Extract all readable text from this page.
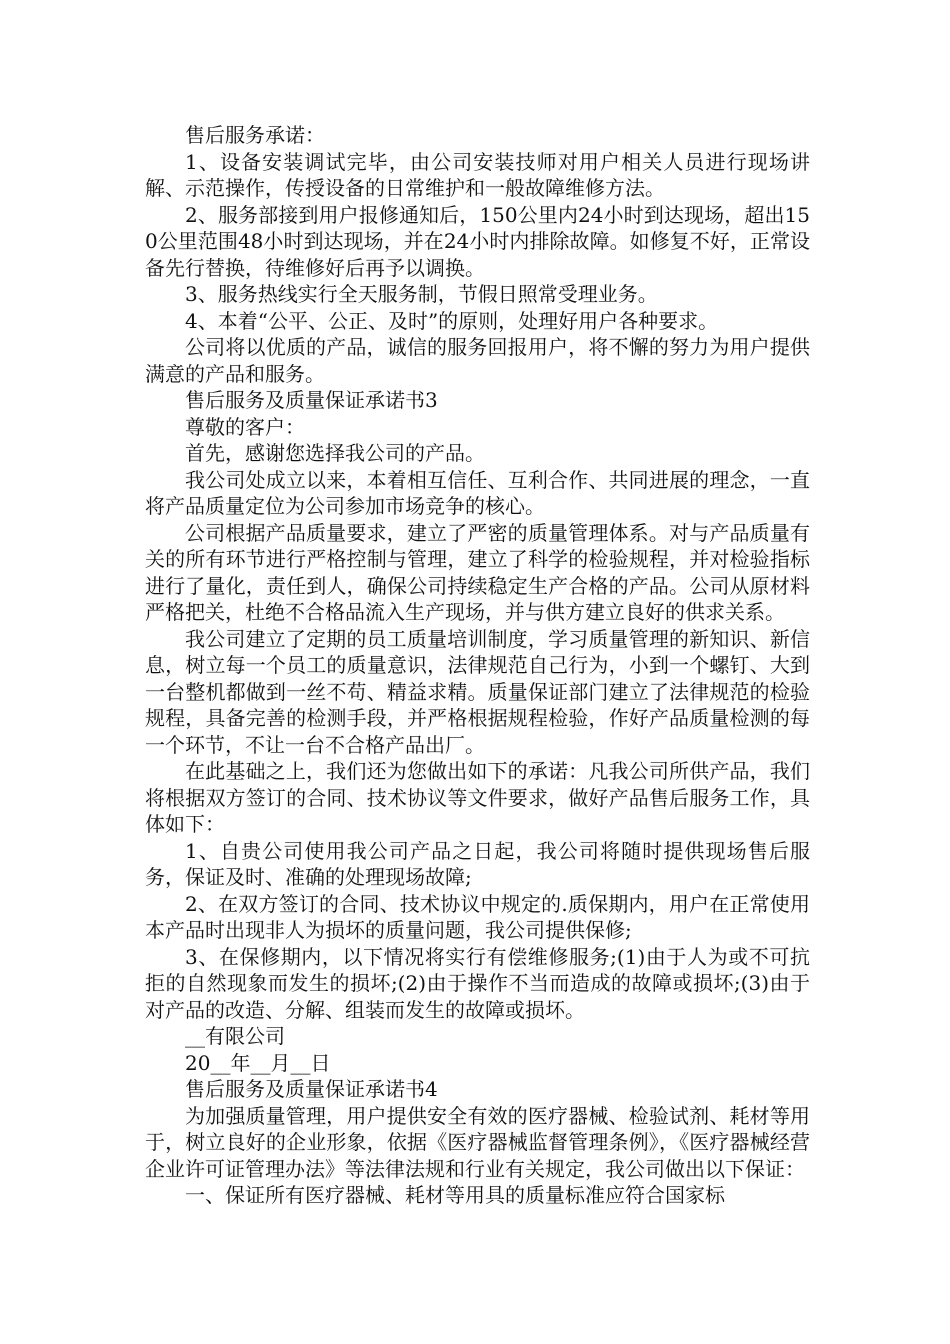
售后服务承诺：

1、设备安装调试完毕，由公司安装技师对用户相关人员进行现场讲解、示范操作，传授设备的日常维护和一般故障维修方法。

2、服务部接到用户报修通知后，150公里内24小时到达现场，超出150公里范围48小时到达现场，并在24小时内排除故障。如修复不好，正常设备先行替换，待维修好后再予以调换。

3、服务热线实行全天服务制，节假日照常受理业务。

4、本着“公平、公正、及时”的原则，处理好用户各种要求。

公司将以优质的产品，诚信的服务回报用户，将不懈的努力为用户提供满意的产品和服务。

售后服务及质量保证承诺书3

尊敬的客户：

首先，感谢您选择我公司的产品。

我公司处成立以来，本着相互信任、互利合作、共同进展的理念，一直将产品质量定位为公司参加市场竞争的核心。

公司根据产品质量要求，建立了严密的质量管理体系。对与产品质量有关的所有环节进行严格控制与管理，建立了科学的检验规程，并对检验指标进行了量化，责任到人，确保公司持续稳定生产合格的产品。公司从原材料严格把关，杜绝不合格品流入生产现场，并与供方建立良好的供求关系。

我公司建立了定期的员工质量培训制度，学习质量管理的新知识、新信息，树立每一个员工的质量意识，法律规范自己行为，小到一个螺钉、大到一台整机都做到一丝不苟、精益求精。质量保证部门建立了法律规范的检验规程，具备完善的检测手段，并严格根据规程检验，作好产品质量检测的每一个环节，不让一台不合格产品出厂。

在此基础之上，我们还为您做出如下的承诺：凡我公司所供产品，我们将根据双方签订的合同、技术协议等文件要求，做好产品售后服务工作，具体如下：

1、自贵公司使用我公司产品之日起，我公司将随时提供现场售后服务，保证及时、准确的处理现场故障;

2、在双方签订的合同、技术协议中规定的.质保期内，用户在正常使用本产品时出现非人为损坏的质量问题，我公司提供保修;

3、在保修期内，以下情况将实行有偿维修服务;(1)由于人为或不可抗拒的自然现象而发生的损坏;(2)由于操作不当而造成的故障或损坏;(3)由于对产品的改造、分解、组装而发生的故障或损坏。

__有限公司

20__年__月__日

售后服务及质量保证承诺书4

为加强质量管理，用户提供安全有效的医疗器械、检验试剂、耗材等用于，树立良好的企业形象，依据《医疗器械监督管理条例》，《医疗器械经营企业许可证管理办法》等法律法规和行业有关规定，我公司做出以下保证：

一、保证所有医疗器械、耗材等用具的质量标准应符合国家标
